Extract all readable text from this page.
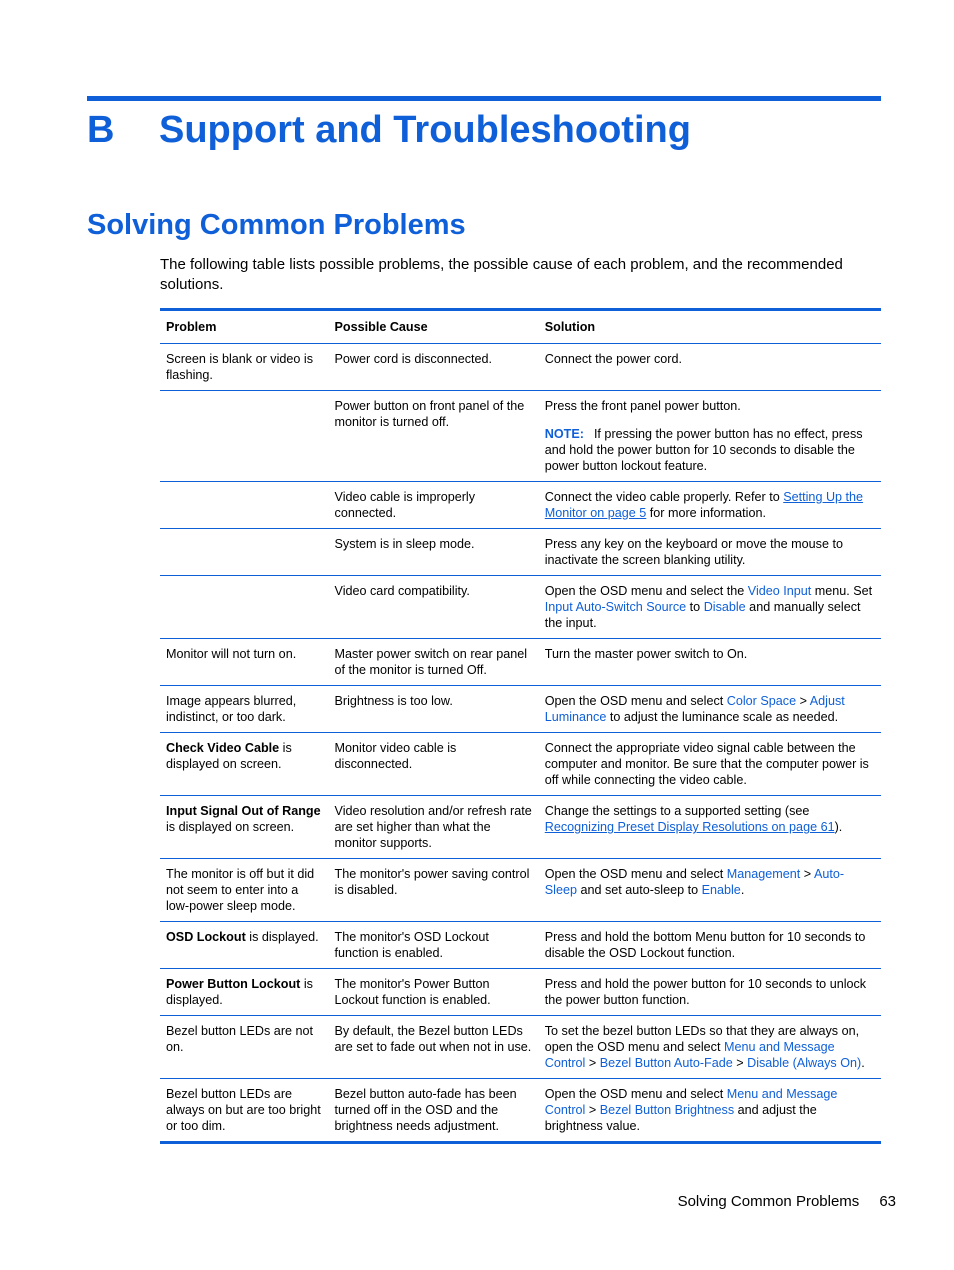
B Support and Troubleshooting
Solving Common Problems

The following table lists possible problems, the possible cause of each problem, and the recommended solutions.

Problem	Possible Cause	Solution
Screen is blank or video is flashing.	Power cord is disconnected.	Connect the power cord.
	Power button on front panel of the monitor is turned off.	Press the front panel power button.
NOTE: If pressing the power button has no effect, press and hold the power button for 10 seconds to disable the power button lockout feature.

	Video cable is improperly connected.	Connect the video cable properly. Refer to Setting Up the Monitor on page 5 for more information.
	System is in sleep mode.	Press any key on the keyboard or move the mouse to inactivate the screen blanking utility.
	Video card compatibility.	Open the OSD menu and select the Video Input menu. Set Input Auto-Switch Source to Disable and manually select the input.
Monitor will not turn on.	Master power switch on rear panel of the monitor is turned Off.	Turn the master power switch to On.
Image appears blurred, indistinct, or too dark.	Brightness is too low.	Open the OSD menu and select Color Space > Adjust Luminance to adjust the luminance scale as needed.
Check Video Cable is displayed on screen.	Monitor video cable is disconnected.	Connect the appropriate video signal cable between the computer and monitor. Be sure that the computer power is off while connecting the video cable.
Input Signal Out of Range is displayed on screen.	Video resolution and/or refresh rate are set higher than what the monitor supports.	Change the settings to a supported setting (see Recognizing Preset Display Resolutions on page 61).
The monitor is off but it did not seem to enter into a low-power sleep mode.	The monitor's power saving control is disabled.	Open the OSD menu and select Management > Auto-Sleep and set auto-sleep to Enable.
OSD Lockout is displayed.	The monitor's OSD Lockout function is enabled.	Press and hold the bottom Menu button for 10 seconds to disable the OSD Lockout function.
Power Button Lockout is displayed.	The monitor's Power Button Lockout function is enabled.	Press and hold the power button for 10 seconds to unlock the power button function.
Bezel button LEDs are not on.	By default, the Bezel button LEDs are set to fade out when not in use.	To set the bezel button LEDs so that they are always on, open the OSD menu and select Menu and Message Control > Bezel Button Auto-Fade > Disable (Always On).
Bezel button LEDs are always on but are too bright or too dim.	Bezel button auto-fade has been turned off in the OSD and the brightness needs adjustment.	Open the OSD menu and select Menu and Message Control > Bezel Button Brightness and adjust the brightness value.
Solving Common Problems 63
